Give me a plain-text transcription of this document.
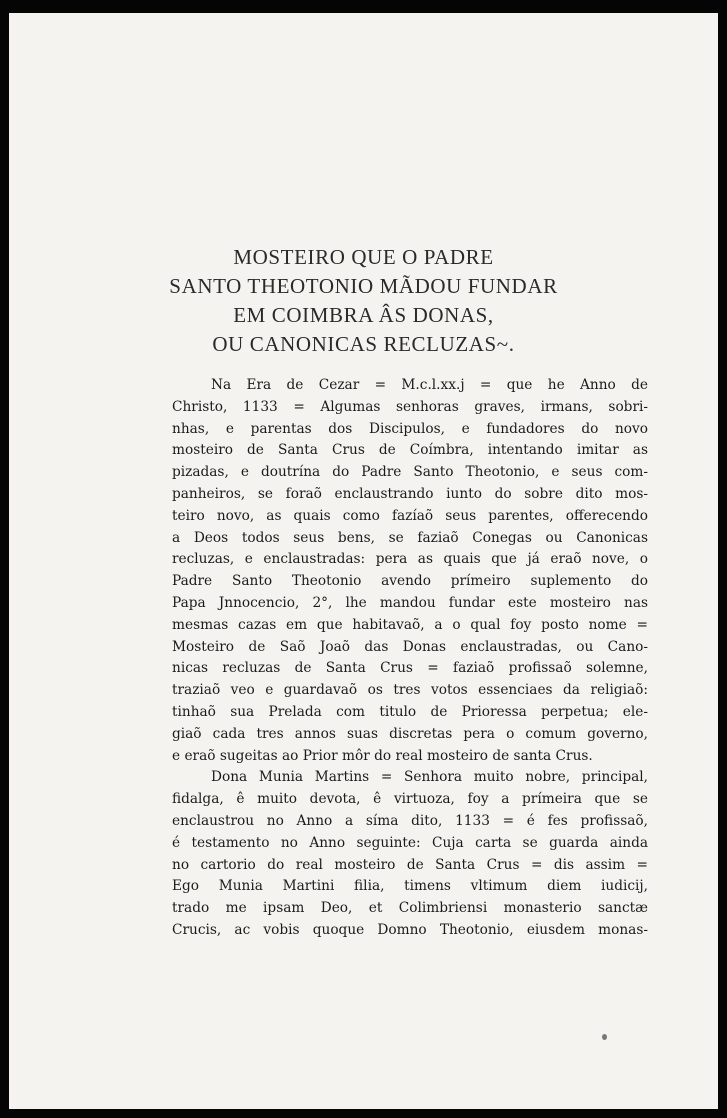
MOSTEIRO QUE O PADRE
SANTO THEOTONIO MÃDOU FUNDAR
EM COIMBRA ÂS DONAS,
OU CANONICAS RECLUZAS~.
Na Era de Cezar = M.c.l.xx.j = que he Anno de
Christo, 1133 = Algumas senhoras graves, irmans, sobri-
nhas, e parentas dos Discipulos, e fundadores do novo
mosteiro de Santa Crus de Coímbra, intentando imitar as
pizadas, e doutrína do Padre Santo Theotonio, e seus com-
panheiros, se foraõ enclaustrando iunto do sobre dito mos-
teiro novo, as quais como fazíaõ seus parentes, offerecendo
a Deos todos seus bens, se faziaõ Conegas ou Canonicas
recluzas, e enclaustradas: pera as quais que já eraõ nove, o
Padre Santo Theotonio avendo prímeiro suplemento do
Papa Jnnocencio, 2°, lhe mandou fundar este mosteiro nas
mesmas cazas em que habitavaõ, a o qual foy posto nome =
Mosteiro de Saõ Joaõ das Donas enclaustradas, ou Cano-
nicas recluzas de Santa Crus = faziaõ profissaõ solemne,
traziaõ veo e guardavaõ os tres votos essenciaes da religiaõ:
tinhaõ sua Prelada com titulo de Prioressa perpetua; ele-
giaõ cada tres annos suas discretas pera o comum governo,
e eraõ sugeitas ao Prior môr do real mosteiro de santa Crus.
Dona Munia Martins = Senhora muito nobre, principal,
fidalga, ê muito devota, ê virtuoza, foy a prímeira que se
enclaustrou no Anno a síma dito, 1133 = é fes profissaõ,
é testamento no Anno seguinte: Cuja carta se guarda ainda
no cartorio do real mosteiro de Santa Crus = dis assim =
Ego Munia Martini filia, timens vltimum diem iudicij,
trado me ipsam Deo, et Colimbriensi monasterio sanctæ
Crucis, ac vobis quoque Domno Theotonio, eiusdem monas-
